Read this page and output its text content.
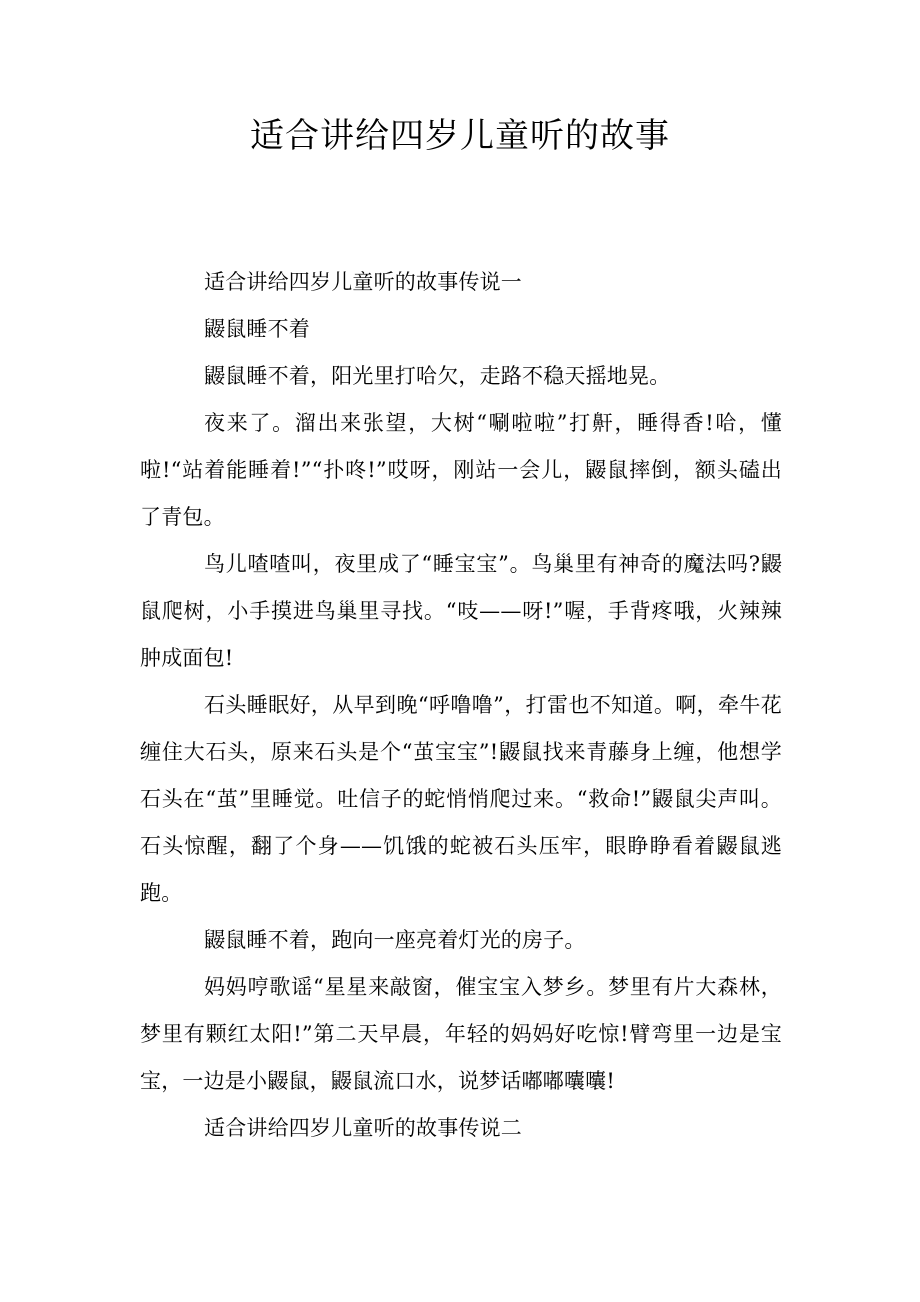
适合讲给四岁儿童听的故事

适合讲给四岁儿童听的故事传说一

鼹鼠睡不着

鼹鼠睡不着，阳光里打哈欠，走路不稳天摇地晃。

夜来了。溜出来张望，大树“唰啦啦”打鼾，睡得香!哈，懂啦!“站着能睡着!”“扑咚!”哎呀，刚站一会儿，鼹鼠摔倒，额头磕出了青包。

鸟儿喳喳叫，夜里成了“睡宝宝”。鸟巢里有神奇的魔法吗?鼹鼠爬树，小手摸进鸟巢里寻找。“吱——呀!”喔，手背疼哦，火辣辣肿成面包!

石头睡眠好，从早到晚“呼噜噜”，打雷也不知道。啊，牵牛花缠住大石头，原来石头是个“茧宝宝”!鼹鼠找来青藤身上缠，他想学石头在“茧”里睡觉。吐信子的蛇悄悄爬过来。“救命!”鼹鼠尖声叫。石头惊醒，翻了个身——饥饿的蛇被石头压牢，眼睁睁看着鼹鼠逃跑。

鼹鼠睡不着，跑向一座亮着灯光的房子。

妈妈哼歌谣“星星来敲窗，催宝宝入梦乡。梦里有片大森林，梦里有颗红太阳!”第二天早晨，年轻的妈妈好吃惊!臂弯里一边是宝宝，一边是小鼹鼠，鼹鼠流口水，说梦话嘟嘟囔囔!

适合讲给四岁儿童听的故事传说二
